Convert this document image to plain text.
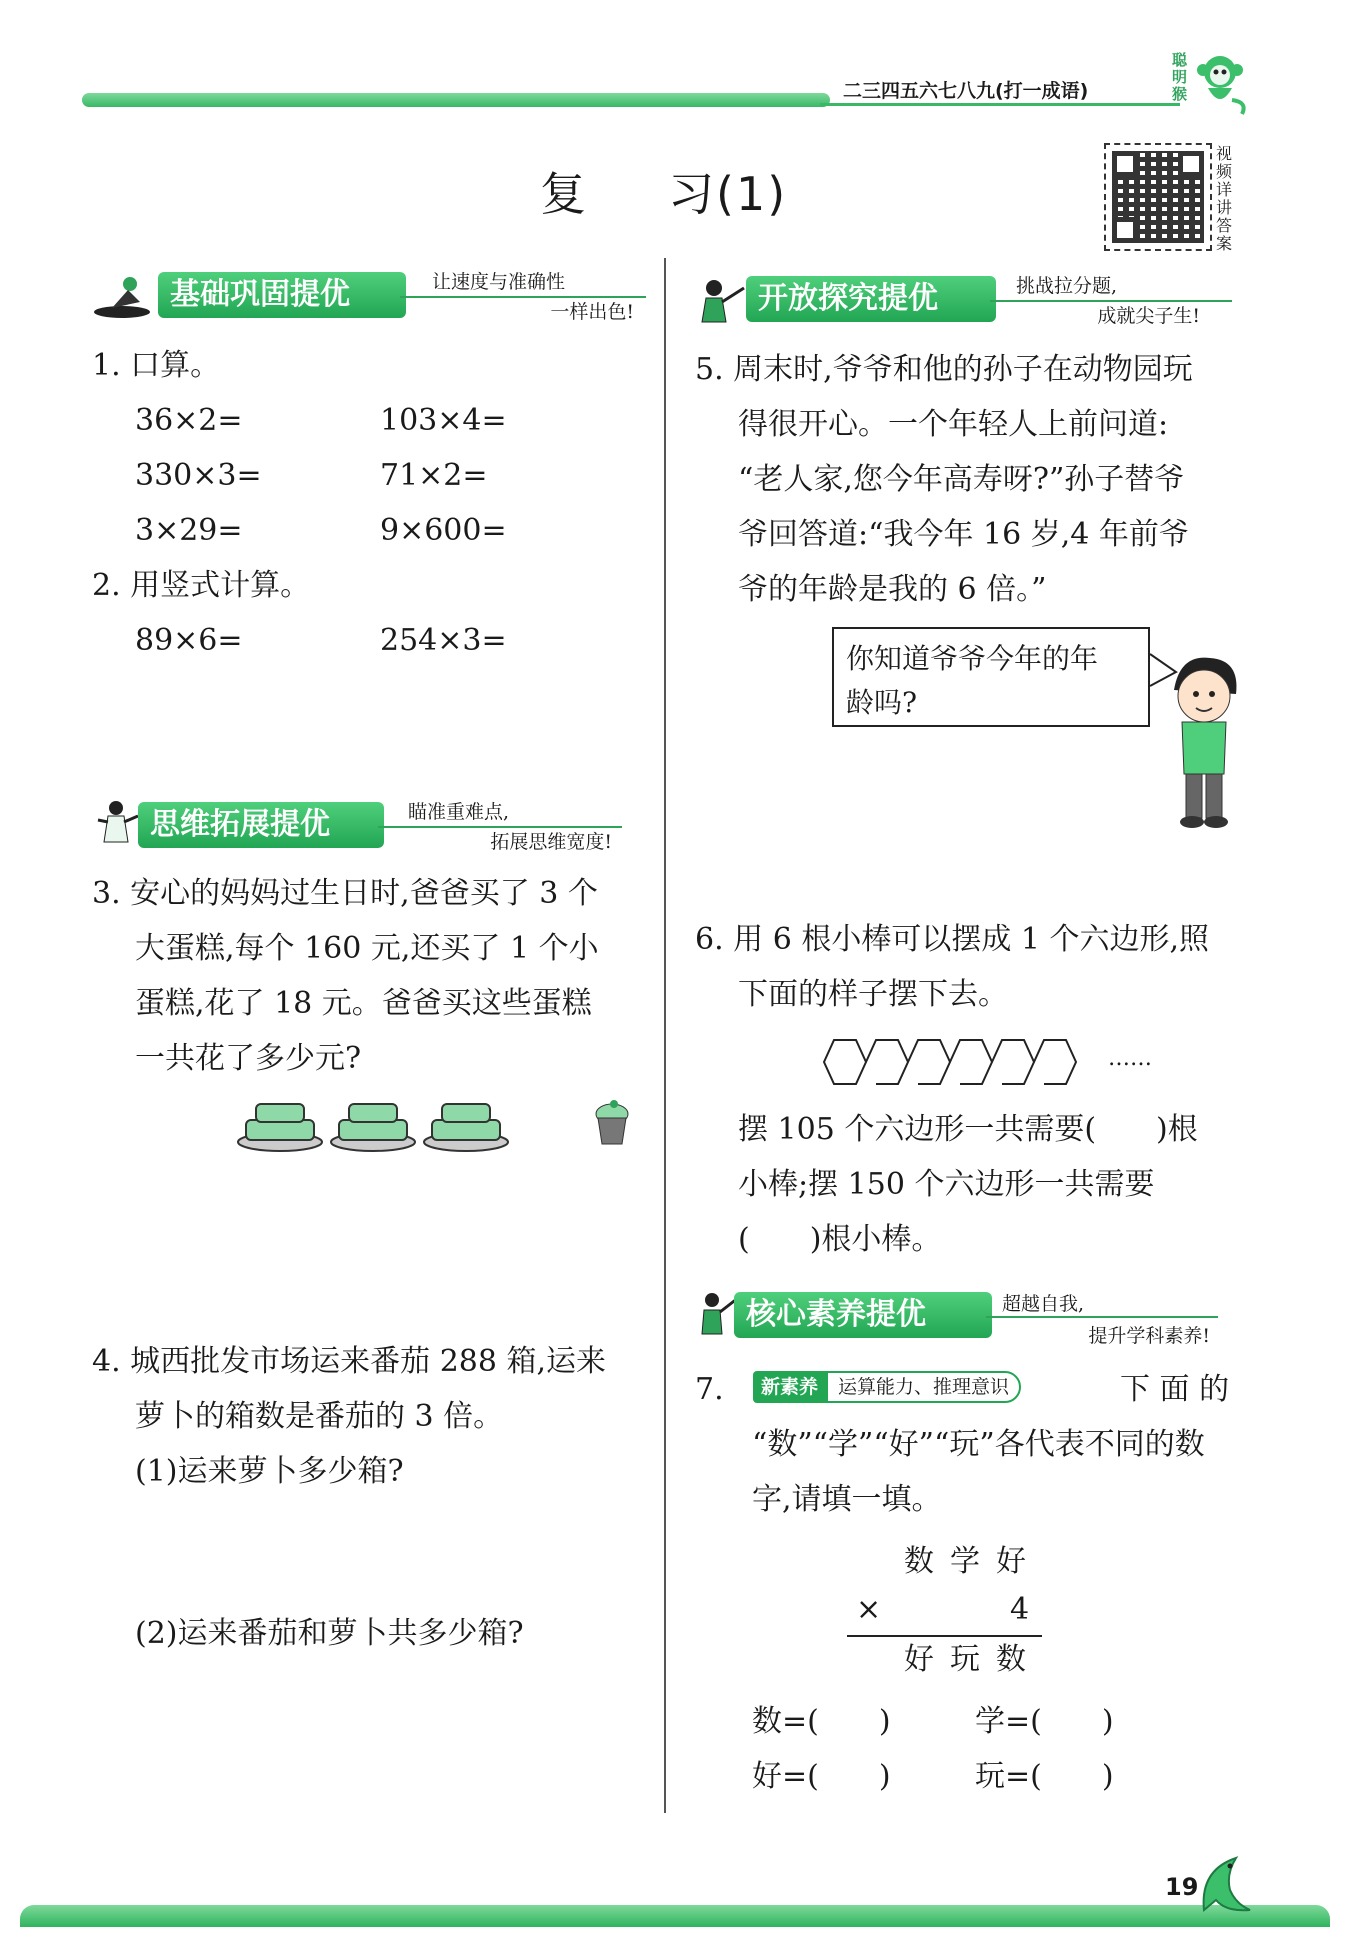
二三四五六七八九(打一成语)
聪明猴
复 习(1)
视频详讲答案
基础巩固提优	让速度与准确性
一样出色!
1. 口算。
36×2=	103×4=
330×3=	71×2=
3×29=	9×600=
2. 用竖式计算。
89×6=	254×3=
思维拓展提优	瞄准重难点,
拓展思维宽度!
3. 安心的妈妈过生日时,爸爸买了 3 个
大蛋糕,每个 160 元,还买了 1 个小
蛋糕,花了 18 元。爸爸买这些蛋糕
一共花了多少元?
4. 城西批发市场运来番茄 288 箱,运来
萝卜的箱数是番茄的 3 倍。
(1)运来萝卜多少箱?
(2)运来番茄和萝卜共多少箱?
开放探究提优	挑战拉分题,
成就尖子生!
5. 周末时,爷爷和他的孙子在动物园玩
得很开心。一个年轻人上前问道:
“老人家,您今年高寿呀?”孙子替爷
爷回答道:“我今年 16 岁,4 年前爷
爷的年龄是我的 6 倍。”
你知道爷爷今年的年
龄吗?
6. 用 6 根小棒可以摆成 1 个六边形,照
下面的样子摆下去。
……
摆 105 个六边形一共需要(　　)根
小棒;摆 150 个六边形一共需要
(　　)根小棒。
核心素养提优	超越自我,
提升学科素养!
7.	新素养	运算能力、推理意识	下 面 的
“数”“学”“好”“玩”各代表不同的数
字,请填一填。
数学好
×	4
好玩数
数=(　　)	学=(　　)
好=(　　)	玩=(　　)
19
